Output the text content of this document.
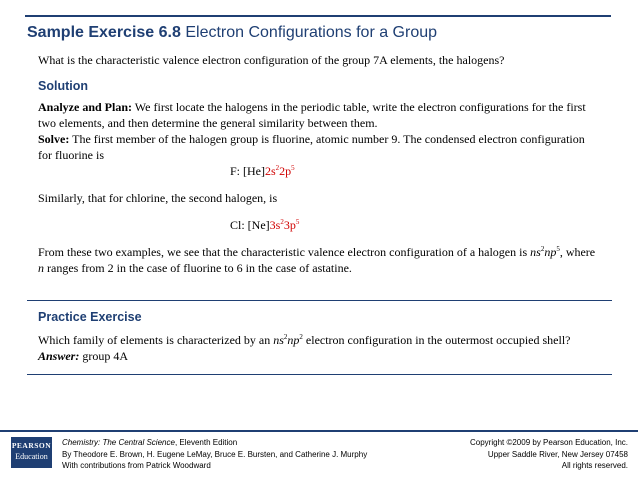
Sample Exercise 6.8 Electron Configurations for a Group

What is the characteristic valence electron configuration of the group 7A elements, the halogens?

Solution

Analyze and Plan: We first locate the halogens in the periodic table, write the electron configurations for the first two elements, and then determine the general similarity between them.

Solve: The first member of the halogen group is fluorine, atomic number 9. The condensed electron configuration for fluorine is

F: $[He]2s^22p^5$

Similarly, that for chlorine, the second halogen, is

Cl: $[Ne]3s^23p^5$

From these two examples, we see that the characteristic valence electron configuration of a halogen is $ns^2np^5$, where n ranges from 2 in the case of fluorine to 6 in the case of astatine.

Practice Exercise

Which family of elements is characterized by an $ns^2np^2$ electron configuration in the outermost occupied shell?

Answer: group 4A

PEARSON
Education
Chemistry: The Central Science, Eleventh Edition
By Theodore E. Brown, H. Eugene LeMay, Bruce E. Bursten, and Catherine J. Murphy
With contributions from Patrick Woodward
Copyright ©2009 by Pearson Education, Inc.
Upper Saddle River, New Jersey 07458
All rights reserved.
